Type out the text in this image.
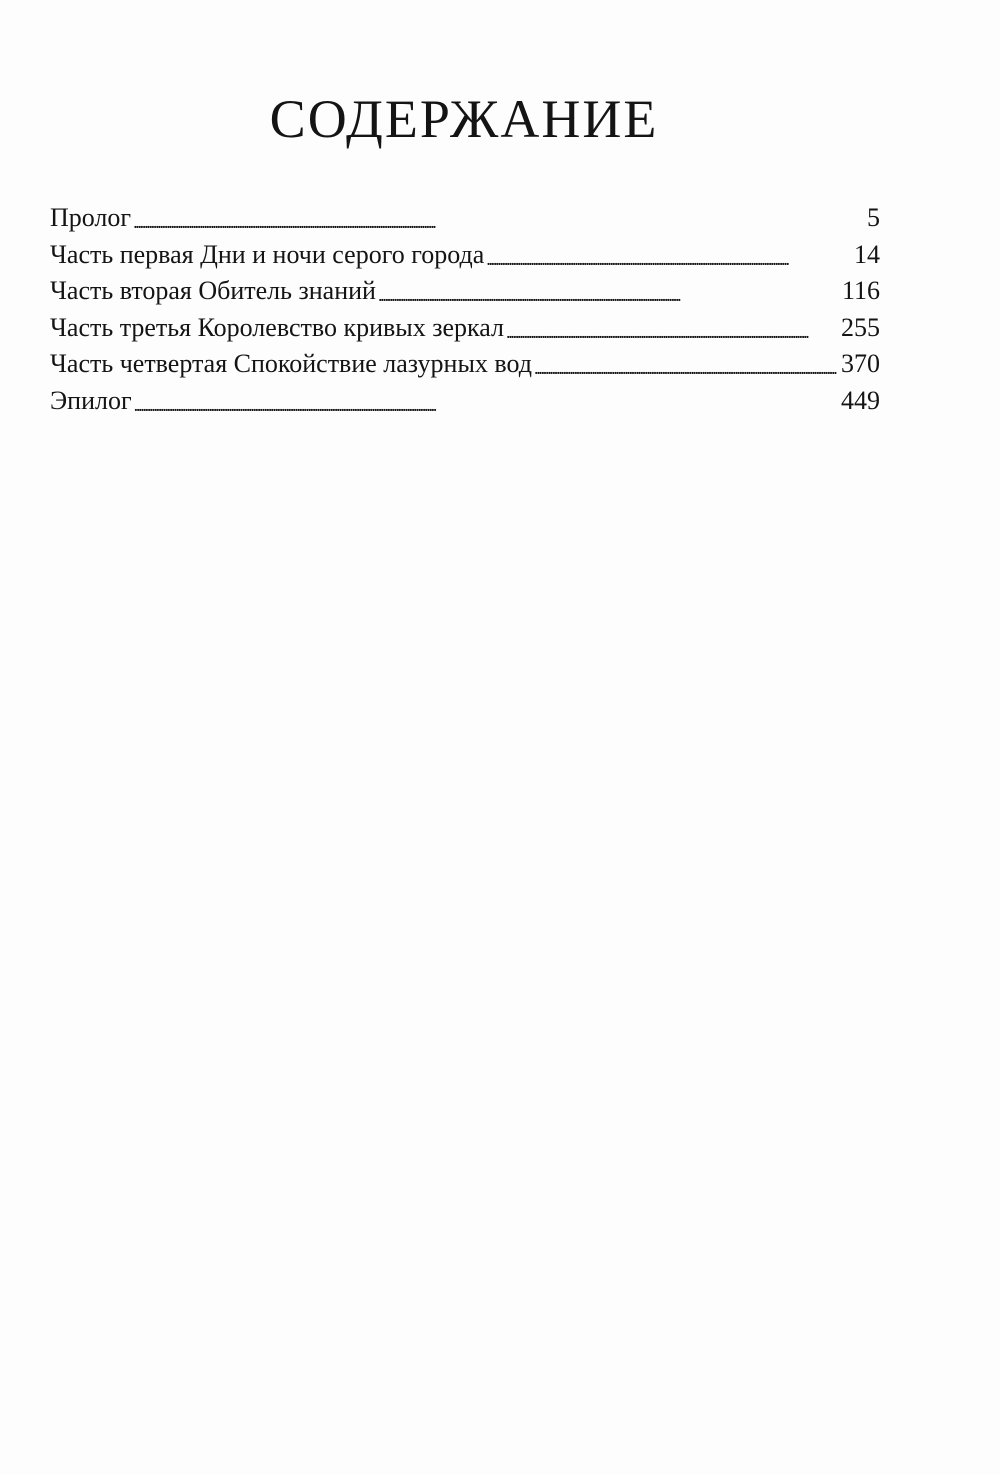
СОДЕРЖАНИЕ
Пролог . . .	5
Часть первая Дни и ночи серого города . . .	14
Часть вторая Обитель знаний . . .	116
Часть третья Королевство кривых зеркал . . .	255
Часть четвертая Спокойствие лазурных вод . . .	370
Эпилог . . .	449
